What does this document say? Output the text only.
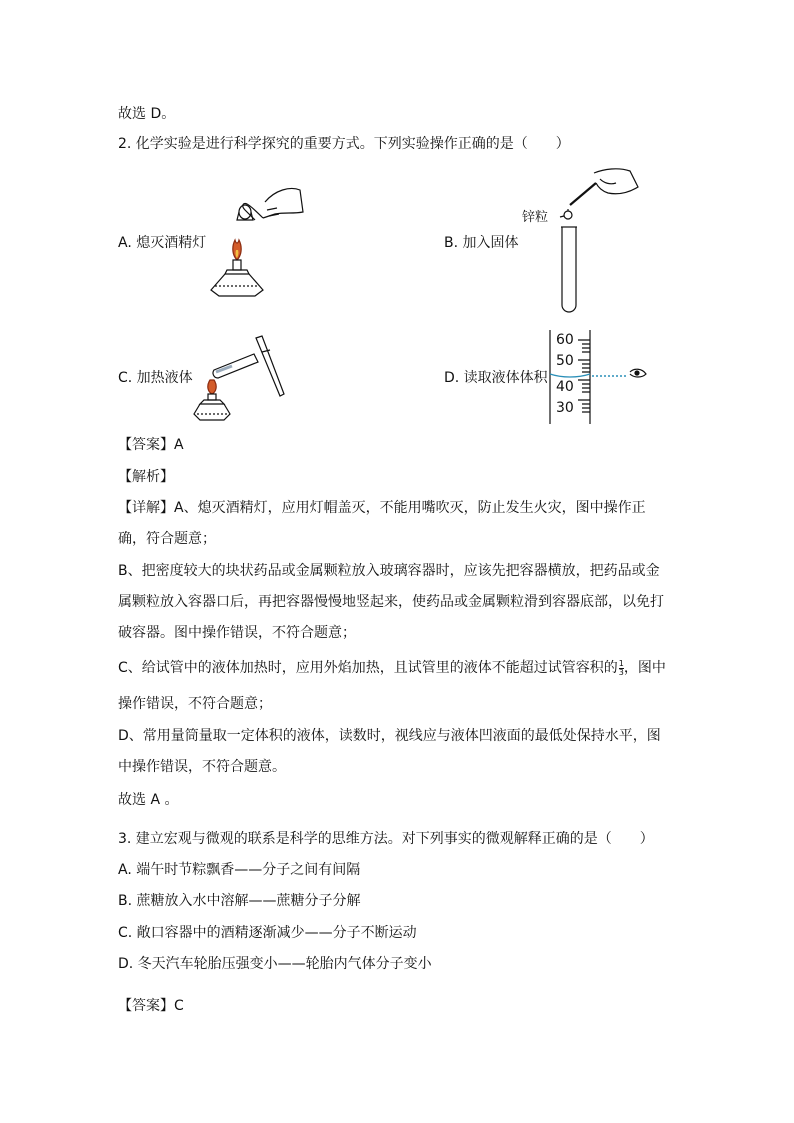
故选 D。
2. 化学实验是进行科学探究的重要方式。下列实验操作正确的是（　　）
A. 熄灭酒精灯	B. 加入固体
锌粒
C. 加热液体	D. 读取液体体积
60
50
40
30
【答案】A
【解析】
【详解】A、熄灭酒精灯，应用灯帽盖灭，不能用嘴吹灭，防止发生火灾，图中操作正
确，符合题意；
B、把密度较大的块状药品或金属颗粒放入玻璃容器时，应该先把容器横放，把药品或金
属颗粒放入容器口后，再把容器慢慢地竖起来，使药品或金属颗粒滑到容器底部，以免打
破容器。图中操作错误，不符合题意；
C、给试管中的液体加热时，应用外焰加热，且试管里的液体不能超过试管容积的 $\frac{1}{3}$ ，图中
操作错误，不符合题意；
D、常用量筒量取一定体积的液体，读数时，视线应与液体凹液面的最低处保持水平，图
中操作错误，不符合题意。
故选 A 。
3. 建立宏观与微观的联系是科学的思维方法。对下列事实的微观解释正确的是（　　）
A. 端午时节粽飘香——分子之间有间隔
B. 蔗糖放入水中溶解——蔗糖分子分解
C. 敞口容器中的酒精逐渐减少——分子不断运动
D. 冬天汽车轮胎压强变小——轮胎内气体分子变小
【答案】C
